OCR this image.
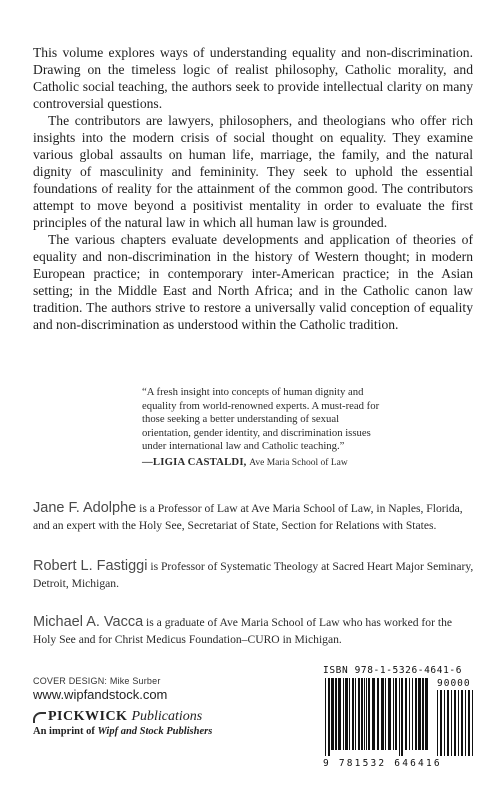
This volume explores ways of understanding equality and non-discrimination. Drawing on the timeless logic of realist philosophy, Catholic morality, and Catholic social teaching, the authors seek to provide intellectual clarity on many controversial questions.

The contributors are lawyers, philosophers, and theologians who offer rich insights into the modern crisis of social thought on equality. They examine various global assaults on human life, marriage, the family, and the natural dignity of masculinity and femininity. They seek to uphold the essential foundations of reality for the attainment of the common good. The contributors attempt to move beyond a positivist mentality in order to evaluate the first principles of the natural law in which all human law is grounded.

The various chapters evaluate developments and application of theories of equality and non-discrimination in the history of Western thought; in modern European practice; in contemporary inter-American practice; in the Asian setting; in the Middle East and North Africa; and in the Catholic canon law tradition. The authors strive to restore a universally valid conception of equality and non-discrimination as understood within the Catholic tradition.

“A fresh insight into concepts of human dignity and equality from world-renowned experts. A must-read for those seeking a better understanding of sexual orientation, gender identity, and discrimination issues under international law and Catholic teaching.”
—LIGIA CASTALDI, Ave Maria School of Law
Jane F. Adolphe is a Professor of Law at Ave Maria School of Law, in Naples, Florida, and an expert with the Holy See, Secretariat of State, Section for Relations with States.
Robert L. Fastiggi is Professor of Systematic Theology at Sacred Heart Major Seminary, Detroit, Michigan.
Michael A. Vacca is a graduate of Ave Maria School of Law who has worked for the Holy See and for Christ Medicus Foundation–CURO in Michigan.
COVER DESIGN: Mike Surber
www.wipfandstock.com
PICKWICK Publications
An imprint of Wipf and Stock Publishers
ISBN 978-1-5326-4641-6
90000
9 781532 646416
